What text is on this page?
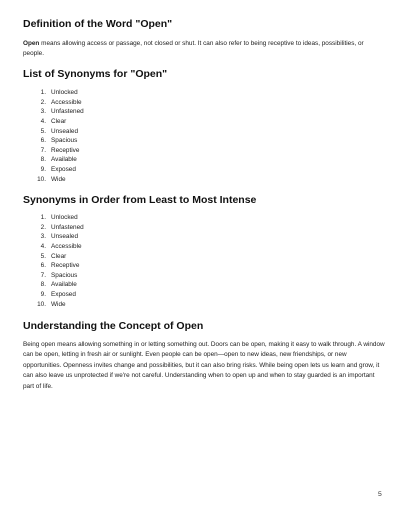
Definition of the Word "Open"

Open means allowing access or passage, not closed or shut. It can also refer to being receptive to ideas, possibilities, or people.

List of Synonyms for "Open"
1. Unlocked
2. Accessible
3. Unfastened
4. Clear
5. Unsealed
6. Spacious
7. Receptive
8. Available
9. Exposed
10. Wide
Synonyms in Order from Least to Most Intense
1. Unlocked
2. Unfastened
3. Unsealed
4. Accessible
5. Clear
6. Receptive
7. Spacious
8. Available
9. Exposed
10. Wide
Understanding the Concept of Open

Being open means allowing something in or letting something out. Doors can be open, making it easy to walk through. A window can be open, letting in fresh air or sunlight. Even people can be open—open to new ideas, new friendships, or new opportunities. Openness invites change and possibilities, but it can also bring risks. While being open lets us learn and grow, it can also leave us unprotected if we're not careful. Understanding when to open up and when to stay guarded is an important part of life.

5
